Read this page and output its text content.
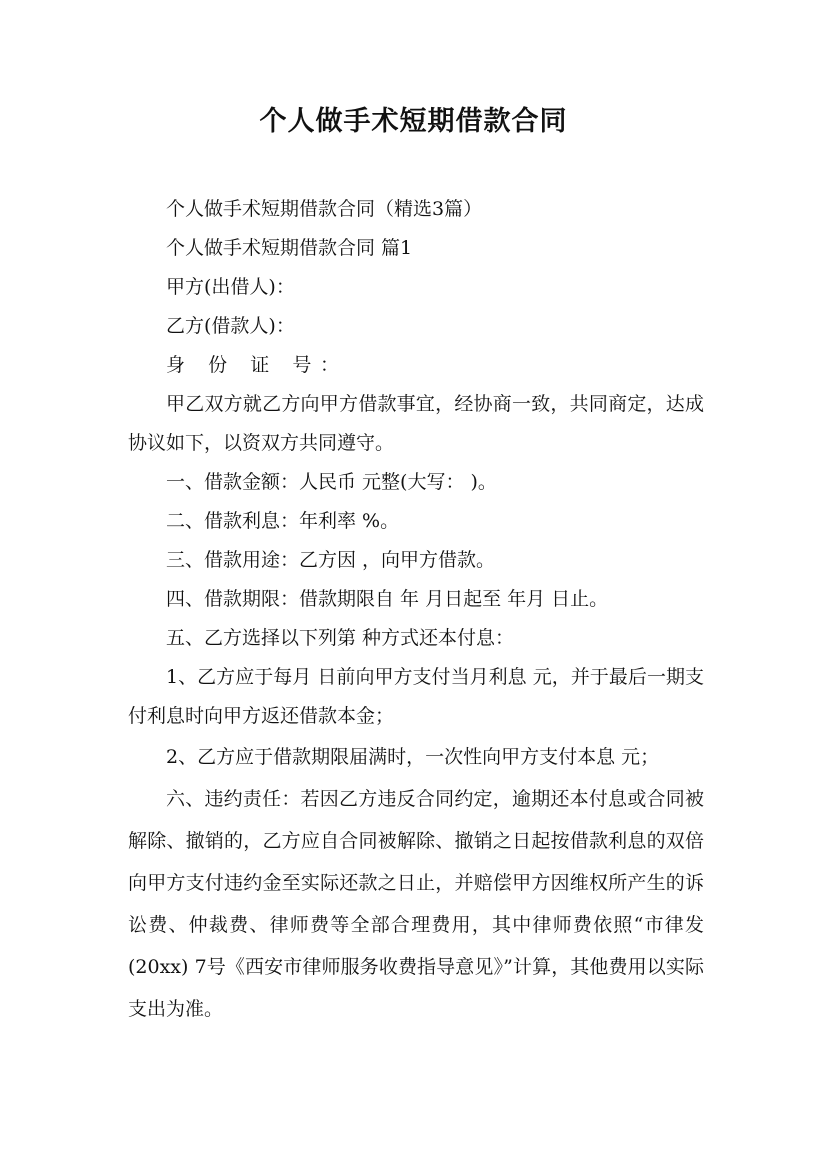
个人做手术短期借款合同

个人做手术短期借款合同（精选3篇）

个人做手术短期借款合同 篇1

甲方(出借人)：

乙方(借款人)：

身 份 证 号：

甲乙双方就乙方向甲方借款事宜，经协商一致，共同商定，达成协议如下，以资双方共同遵守。

一、借款金额：人民币 元整(大写： )。

二、借款利息：年利率 %。

三、借款用途：乙方因 ，向甲方借款。

四、借款期限：借款期限自 年 月日起至 年月 日止。

五、乙方选择以下列第 种方式还本付息：

1、乙方应于每月 日前向甲方支付当月利息 元，并于最后一期支付利息时向甲方返还借款本金；

2、乙方应于借款期限届满时，一次性向甲方支付本息 元；

六、违约责任：若因乙方违反合同约定，逾期还本付息或合同被解除、撤销的，乙方应自合同被解除、撤销之日起按借款利息的双倍向甲方支付违约金至实际还款之日止，并赔偿甲方因维权所产生的诉讼费、仲裁费、律师费等全部合理费用，其中律师费依照“市律发(20xx) 7号《西安市律师服务收费指导意见》”计算，其他费用以实际支出为准。
